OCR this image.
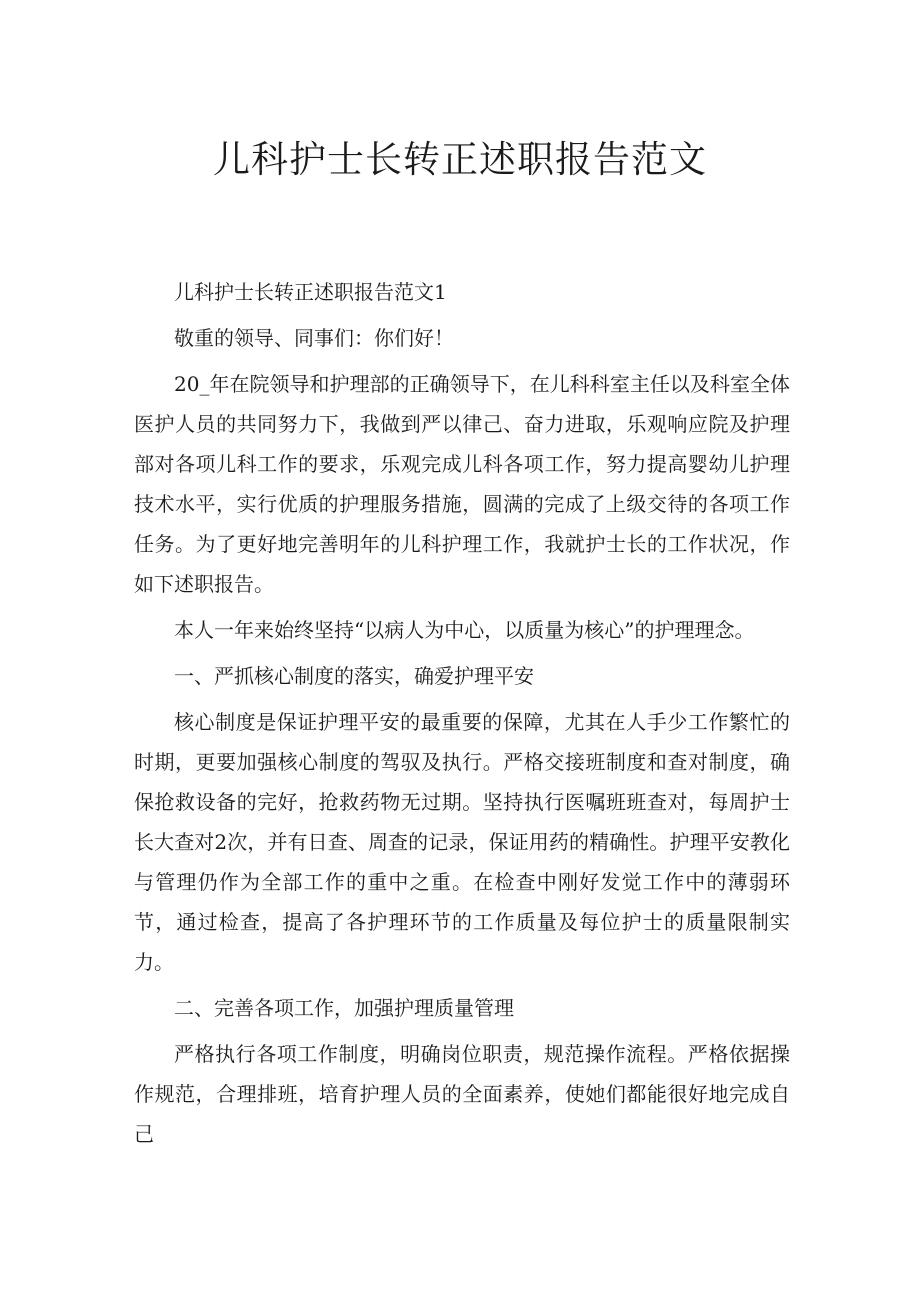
儿科护士长转正述职报告范文

儿科护士长转正述职报告范文1

敬重的领导、同事们：你们好！

20_年在院领导和护理部的正确领导下，在儿科科室主任以及科室全体医护人员的共同努力下，我做到严以律己、奋力进取，乐观响应院及护理部对各项儿科工作的要求，乐观完成儿科各项工作，努力提高婴幼儿护理技术水平，实行优质的护理服务措施，圆满的完成了上级交待的各项工作任务。为了更好地完善明年的儿科护理工作，我就护士长的工作状况，作如下述职报告。

本人一年来始终坚持“以病人为中心，以质量为核心”的护理理念。

一、严抓核心制度的落实，确爱护理平安

核心制度是保证护理平安的最重要的保障，尤其在人手少工作繁忙的时期，更要加强核心制度的驾驭及执行。严格交接班制度和查对制度，确保抢救设备的完好，抢救药物无过期。坚持执行医嘱班班查对，每周护士长大查对2次，并有日查、周查的记录，保证用药的精确性。护理平安教化与管理仍作为全部工作的重中之重。在检查中刚好发觉工作中的薄弱环节，通过检查，提高了各护理环节的工作质量及每位护士的质量限制实力。

二、完善各项工作，加强护理质量管理

严格执行各项工作制度，明确岗位职责，规范操作流程。严格依据操作规范，合理排班，培育护理人员的全面素养，使她们都能很好地完成自己
